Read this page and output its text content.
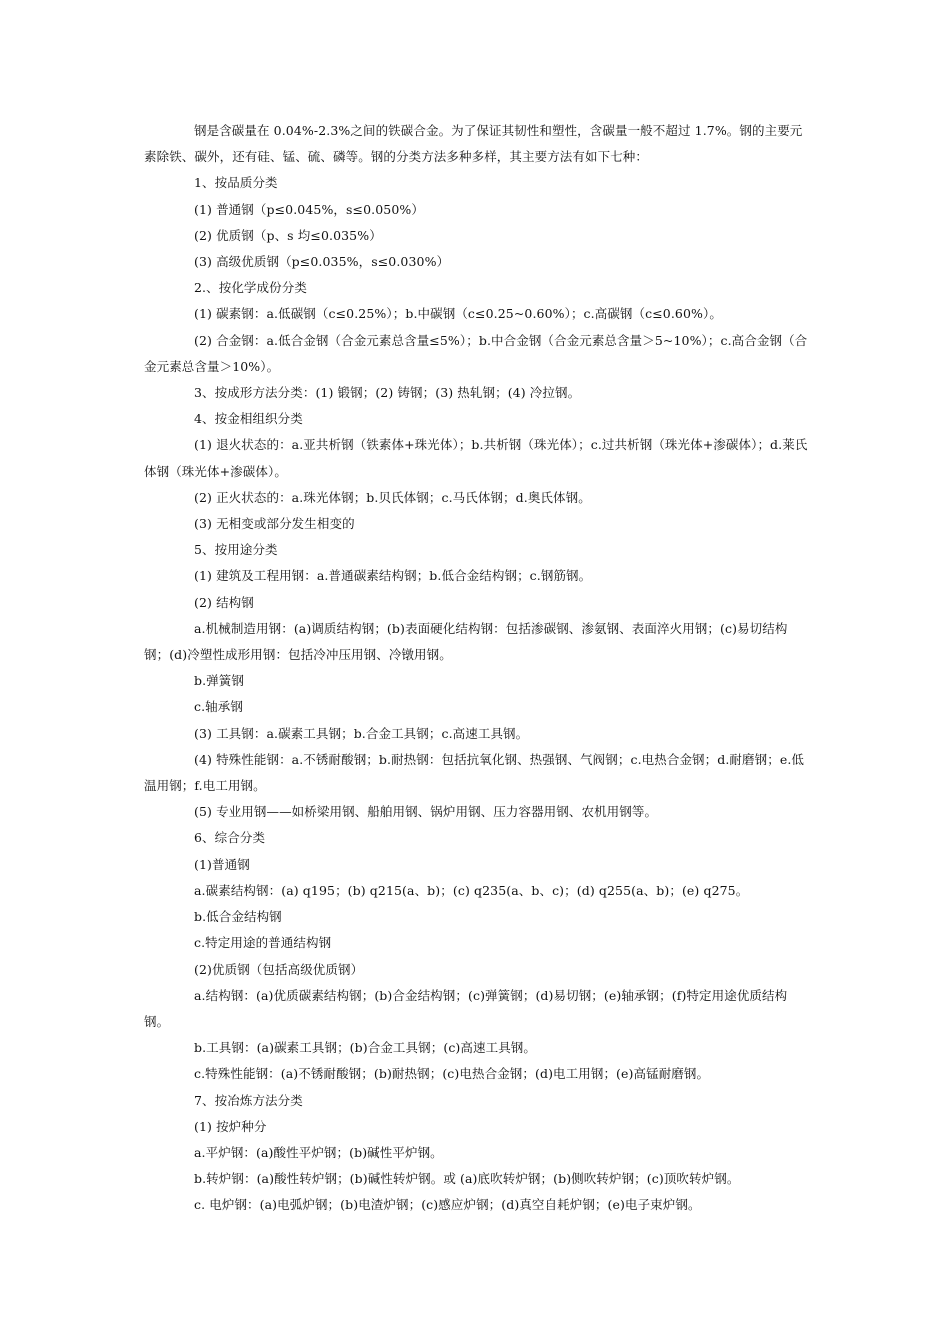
钢是含碳量在 0.04%-2.3%之间的铁碳合金。为了保证其韧性和塑性，含碳量一般不超过 1.7%。钢的主要元素除铁、碳外，还有硅、锰、硫、磷等。钢的分类方法多种多样，其主要方法有如下七种：

1、按品质分类

(1) 普通钢（p≤0.045%，s≤0.050%）

(2) 优质钢（p、s 均≤0.035%）

(3) 高级优质钢（p≤0.035%，s≤0.030%）

2.、按化学成份分类

(1) 碳素钢：a.低碳钢（c≤0.25%）；b.中碳钢（c≤0.25~0.60%）；c.高碳钢（c≤0.60%）。

(2) 合金钢：a.低合金钢（合金元素总含量≤5%）；b.中合金钢（合金元素总含量＞5~10%）；c.高合金钢（合金元素总含量＞10%）。

3、按成形方法分类：(1) 锻钢；(2) 铸钢；(3) 热轧钢；(4) 冷拉钢。

4、按金相组织分类

(1) 退火状态的：a.亚共析钢（铁素体+珠光体）；b.共析钢（珠光体）；c.过共析钢（珠光体+渗碳体）；d.莱氏体钢（珠光体+渗碳体）。

(2) 正火状态的：a.珠光体钢；b.贝氏体钢；c.马氏体钢；d.奥氏体钢。

(3) 无相变或部分发生相变的

5、按用途分类

(1) 建筑及工程用钢：a.普通碳素结构钢；b.低合金结构钢；c.钢筋钢。

(2) 结构钢

a.机械制造用钢：(a)调质结构钢；(b)表面硬化结构钢：包括渗碳钢、渗氨钢、表面淬火用钢；(c)易切结构钢；(d)冷塑性成形用钢：包括冷冲压用钢、冷镦用钢。

b.弹簧钢

c.轴承钢

(3) 工具钢：a.碳素工具钢；b.合金工具钢；c.高速工具钢。

(4) 特殊性能钢：a.不锈耐酸钢；b.耐热钢：包括抗氧化钢、热强钢、气阀钢；c.电热合金钢；d.耐磨钢；e.低温用钢；f.电工用钢。

(5) 专业用钢——如桥梁用钢、船舶用钢、锅炉用钢、压力容器用钢、农机用钢等。

6、综合分类

(1)普通钢

a.碳素结构钢：(a) q195；(b) q215(a、b)；(c) q235(a、b、c)；(d) q255(a、b)；(e) q275。

b.低合金结构钢

c.特定用途的普通结构钢

(2)优质钢（包括高级优质钢）

a.结构钢：(a)优质碳素结构钢；(b)合金结构钢；(c)弹簧钢；(d)易切钢；(e)轴承钢；(f)特定用途优质结构钢。

b.工具钢：(a)碳素工具钢；(b)合金工具钢；(c)高速工具钢。

c.特殊性能钢：(a)不锈耐酸钢；(b)耐热钢；(c)电热合金钢；(d)电工用钢；(e)高锰耐磨钢。

7、按冶炼方法分类

(1) 按炉种分

a.平炉钢：(a)酸性平炉钢；(b)碱性平炉钢。

b.转炉钢：(a)酸性转炉钢；(b)碱性转炉钢。或 (a)底吹转炉钢；(b)侧吹转炉钢；(c)顶吹转炉钢。

c. 电炉钢：(a)电弧炉钢；(b)电渣炉钢；(c)感应炉钢；(d)真空自耗炉钢；(e)电子束炉钢。
